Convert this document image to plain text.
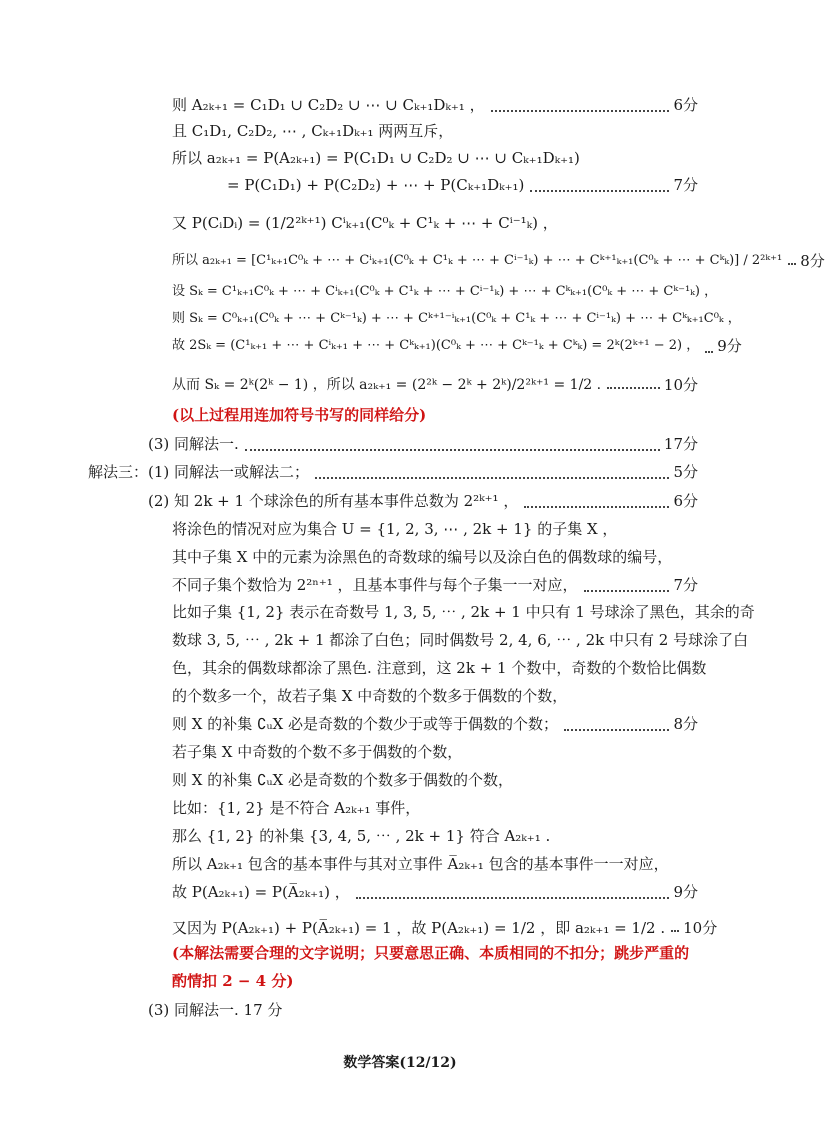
则 A₂ₖ₊₁ = C₁D₁ ∪ C₂D₂ ∪ ⋯ ∪ Cₖ₊₁Dₖ₊₁ ，	6分
且 C₁D₁, C₂D₂, ⋯ , Cₖ₊₁Dₖ₊₁ 两两互斥，
所以 a₂ₖ₊₁ = P(A₂ₖ₊₁) = P(C₁D₁ ∪ C₂D₂ ∪ ⋯ ∪ Cₖ₊₁Dₖ₊₁)
= P(C₁D₁) + P(C₂D₂) + ⋯ + P(Cₖ₊₁Dₖ₊₁)	7分
又 P(CᵢDᵢ) = (1/2²ᵏ⁺¹) Cⁱₖ₊₁(C⁰ₖ + C¹ₖ + ⋯ + Cⁱ⁻¹ₖ) ，
所以 a₂ₖ₊₁ = [C¹ₖ₊₁C⁰ₖ + ⋯ + Cⁱₖ₊₁(C⁰ₖ + C¹ₖ + ⋯ + Cⁱ⁻¹ₖ) + ⋯ + Cᵏ⁺¹ₖ₊₁(C⁰ₖ + ⋯ + Cᵏₖ)] / 2²ᵏ⁺¹ 8分
设 Sₖ = C¹ₖ₊₁C⁰ₖ + ⋯ + Cⁱₖ₊₁(C⁰ₖ + C¹ₖ + ⋯ + Cⁱ⁻¹ₖ) + ⋯ + Cᵏₖ₊₁(C⁰ₖ + ⋯ + Cᵏ⁻¹ₖ) ，
则 Sₖ = C⁰ₖ₊₁(C⁰ₖ + ⋯ + Cᵏ⁻¹ₖ) + ⋯ + Cᵏ⁺¹⁻ⁱₖ₊₁(C⁰ₖ + C¹ₖ + ⋯ + Cⁱ⁻¹ₖ) + ⋯ + Cᵏₖ₊₁C⁰ₖ ，
故 2Sₖ = (C¹ₖ₊₁ + ⋯ + Cⁱₖ₊₁ + ⋯ + Cᵏₖ₊₁)(C⁰ₖ + ⋯ + Cᵏ⁻¹ₖ + Cᵏₖ) = 2ᵏ(2ᵏ⁺¹ − 2) ， 9分
从而 Sₖ = 2ᵏ(2ᵏ − 1) ，所以 a₂ₖ₊₁ = (2²ᵏ − 2ᵏ + 2ᵏ)/2²ᵏ⁺¹ = 1/2 .	10分
(以上过程用连加符号书写的同样给分)
(3) 同解法一.	17分
解法三：(1) 同解法一或解法二；	5分
(2) 知 2k + 1 个球涂色的所有基本事件总数为 2²ᵏ⁺¹ ，	6分
将涂色的情况对应为集合 U = {1, 2, 3, ⋯ , 2k + 1} 的子集 X ，
其中子集 X 中的元素为涂黑色的奇数球的编号以及涂白色的偶数球的编号，
不同子集个数恰为 2²ⁿ⁺¹ ，且基本事件与每个子集一一对应，	7分
比如子集 {1, 2} 表示在奇数号 1, 3, 5, ⋯ , 2k + 1 中只有 1 号球涂了黑色，其余的奇
数球 3, 5, ⋯ , 2k + 1 都涂了白色；同时偶数号 2, 4, 6, ⋯ , 2k 中只有 2 号球涂了白
色，其余的偶数球都涂了黑色. 注意到，这 2k + 1 个数中，奇数的个数恰比偶数
的个数多一个，故若子集 X 中奇数的个数多于偶数的个数，
则 X 的补集 ∁ᵤX 必是奇数的个数少于或等于偶数的个数；	8分
若子集 X 中奇数的个数不多于偶数的个数，
则 X 的补集 ∁ᵤX 必是奇数的个数多于偶数的个数，
比如：{1, 2} 是不符合 A₂ₖ₊₁ 事件，
那么 {1, 2} 的补集 {3, 4, 5, ⋯ , 2k + 1} 符合 A₂ₖ₊₁ .
所以 A₂ₖ₊₁ 包含的基本事件与其对立事件 A̅₂ₖ₊₁ 包含的基本事件一一对应，
故 P(A₂ₖ₊₁) = P(A̅₂ₖ₊₁) ，	9分
又因为 P(A₂ₖ₊₁) + P(A̅₂ₖ₊₁) = 1 ，故 P(A₂ₖ₊₁) = 1/2 ，即 a₂ₖ₊₁ = 1/2 . 10分
(本解法需要合理的文字说明；只要意思正确、本质相同的不扣分；跳步严重的
酌情扣 2 − 4 分)
(3) 同解法一. 17 分
数学答案(12/12)
